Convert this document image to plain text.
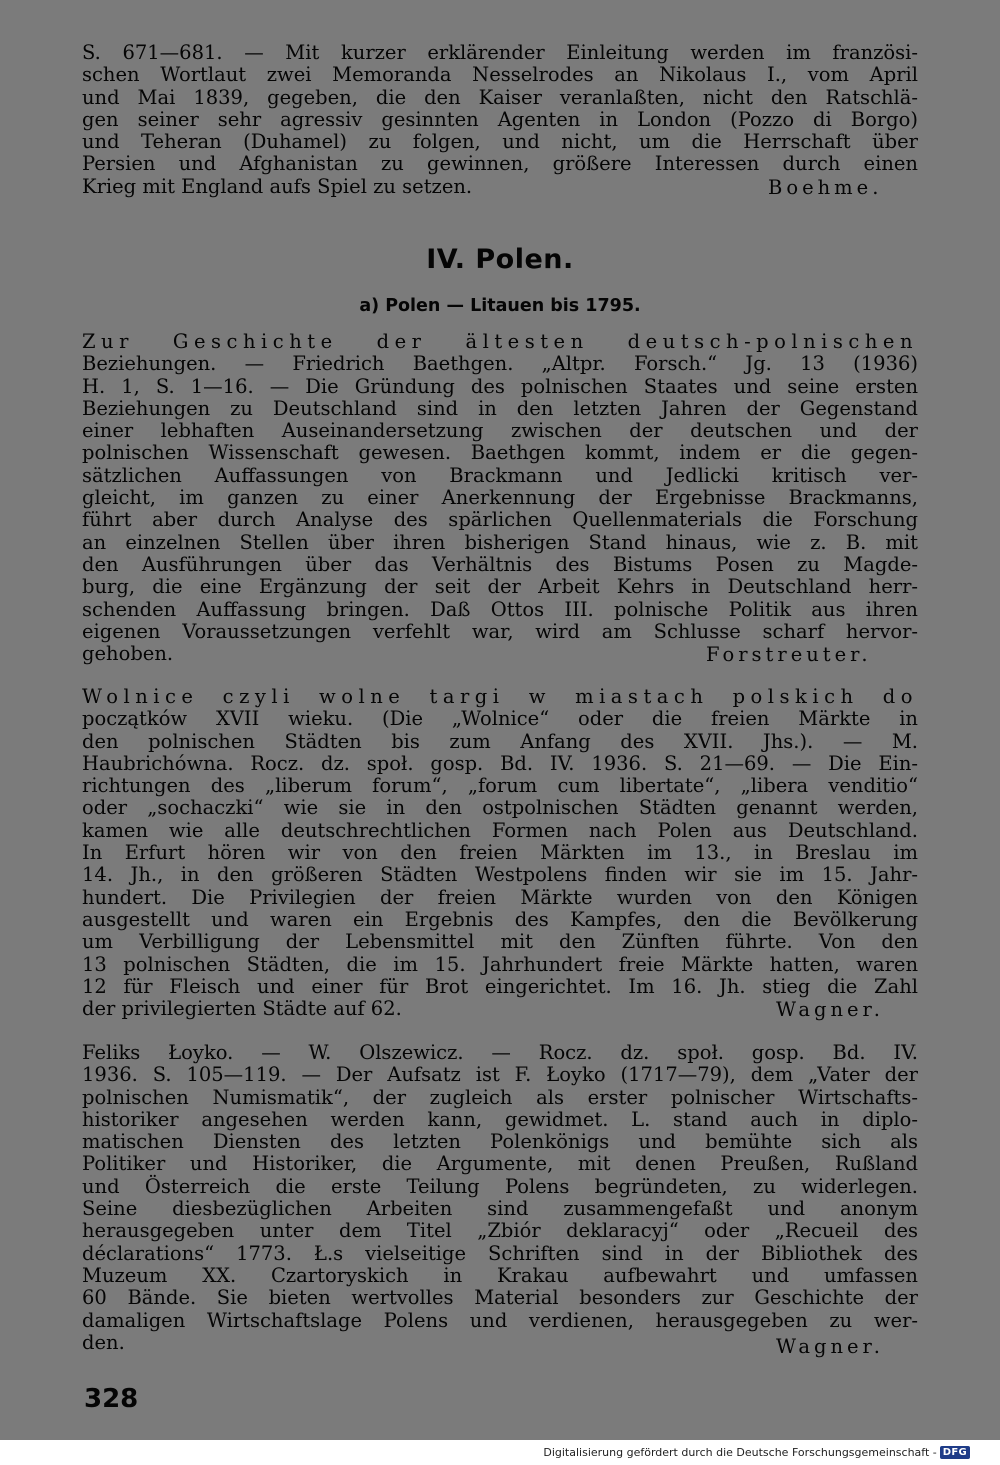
S. 671—681. — Mit kurzer erklärender Einleitung werden im französi-
schen Wortlaut zwei Memoranda Nesselrodes an Nikolaus I., vom April
und Mai 1839, gegeben, die den Kaiser veranlaßten, nicht den Ratschlä-
gen seiner sehr agressiv gesinnten Agenten in London (Pozzo di Borgo)
und Teheran (Duhamel) zu folgen, und nicht, um die Herrschaft über
Persien und Afghanistan zu gewinnen, größere Interessen durch einen
Krieg mit England aufs Spiel zu setzen.	Boehme.
IV. Polen.
a) Polen — Litauen bis 1795.

Zur Geschichte der ältesten deutsch-polnischen
Beziehungen. — Friedrich Baethgen. „Altpr. Forsch.“ Jg. 13 (1936)
H. 1, S. 1—16. — Die Gründung des polnischen Staates und seine ersten
Beziehungen zu Deutschland sind in den letzten Jahren der Gegenstand
einer lebhaften Auseinandersetzung zwischen der deutschen und der
polnischen Wissenschaft gewesen. Baethgen kommt, indem er die gegen-
sätzlichen Auffassungen von Brackmann und Jedlicki kritisch ver-
gleicht, im ganzen zu einer Anerkennung der Ergebnisse Brackmanns,
führt aber durch Analyse des spärlichen Quellenmaterials die Forschung
an einzelnen Stellen über ihren bisherigen Stand hinaus, wie z. B. mit
den Ausführungen über das Verhältnis des Bistums Posen zu Magde-
burg, die eine Ergänzung der seit der Arbeit Kehrs in Deutschland herr-
schenden Auffassung bringen. Daß Ottos III. polnische Politik aus ihren
eigenen Voraussetzungen verfehlt war, wird am Schlusse scharf hervor-
gehoben.	Forstreuter.

Wolnice czyli wolne targi w miastach polskich do
początków XVII wieku. (Die „Wolnice“ oder die freien Märkte in
den polnischen Städten bis zum Anfang des XVII. Jhs.). — M.
Haubrichówna. Rocz. dz. społ. gosp. Bd. IV. 1936. S. 21—69. — Die Ein-
richtungen des „liberum forum“, „forum cum libertate“, „libera venditio“
oder „sochaczki“ wie sie in den ostpolnischen Städten genannt werden,
kamen wie alle deutschrechtlichen Formen nach Polen aus Deutschland.
In Erfurt hören wir von den freien Märkten im 13., in Breslau im
14. Jh., in den größeren Städten Westpolens finden wir sie im 15. Jahr-
hundert. Die Privilegien der freien Märkte wurden von den Königen
ausgestellt und waren ein Ergebnis des Kampfes, den die Bevölkerung
um Verbilligung der Lebensmittel mit den Zünften führte. Von den
13 polnischen Städten, die im 15. Jahrhundert freie Märkte hatten, waren
12 für Fleisch und einer für Brot eingerichtet. Im 16. Jh. stieg die Zahl
der privilegierten Städte auf 62.	Wagner.

Feliks Łoyko. — W. Olszewicz. — Rocz. dz. społ. gosp. Bd. IV.
1936. S. 105—119. — Der Aufsatz ist F. Łoyko (1717—79), dem „Vater der
polnischen Numismatik“, der zugleich als erster polnischer Wirtschafts-
historiker angesehen werden kann, gewidmet. L. stand auch in diplo-
matischen Diensten des letzten Polenkönigs und bemühte sich als
Politiker und Historiker, die Argumente, mit denen Preußen, Rußland
und Österreich die erste Teilung Polens begründeten, zu widerlegen.
Seine diesbezüglichen Arbeiten sind zusammengefaßt und anonym
herausgegeben unter dem Titel „Zbiór deklaracyj“ oder „Recueil des
déclarations“ 1773. Ł.s vielseitige Schriften sind in der Bibliothek des
Muzeum XX. Czartoryskich in Krakau aufbewahrt und umfassen
60 Bände. Sie bieten wertvolles Material besonders zur Geschichte der
damaligen Wirtschaftslage Polens und verdienen, herausgegeben zu wer-
den.	Wagner.
328
Digitalisierung gefördert durch die Deutsche Forschungsgemeinschaft - DFG
